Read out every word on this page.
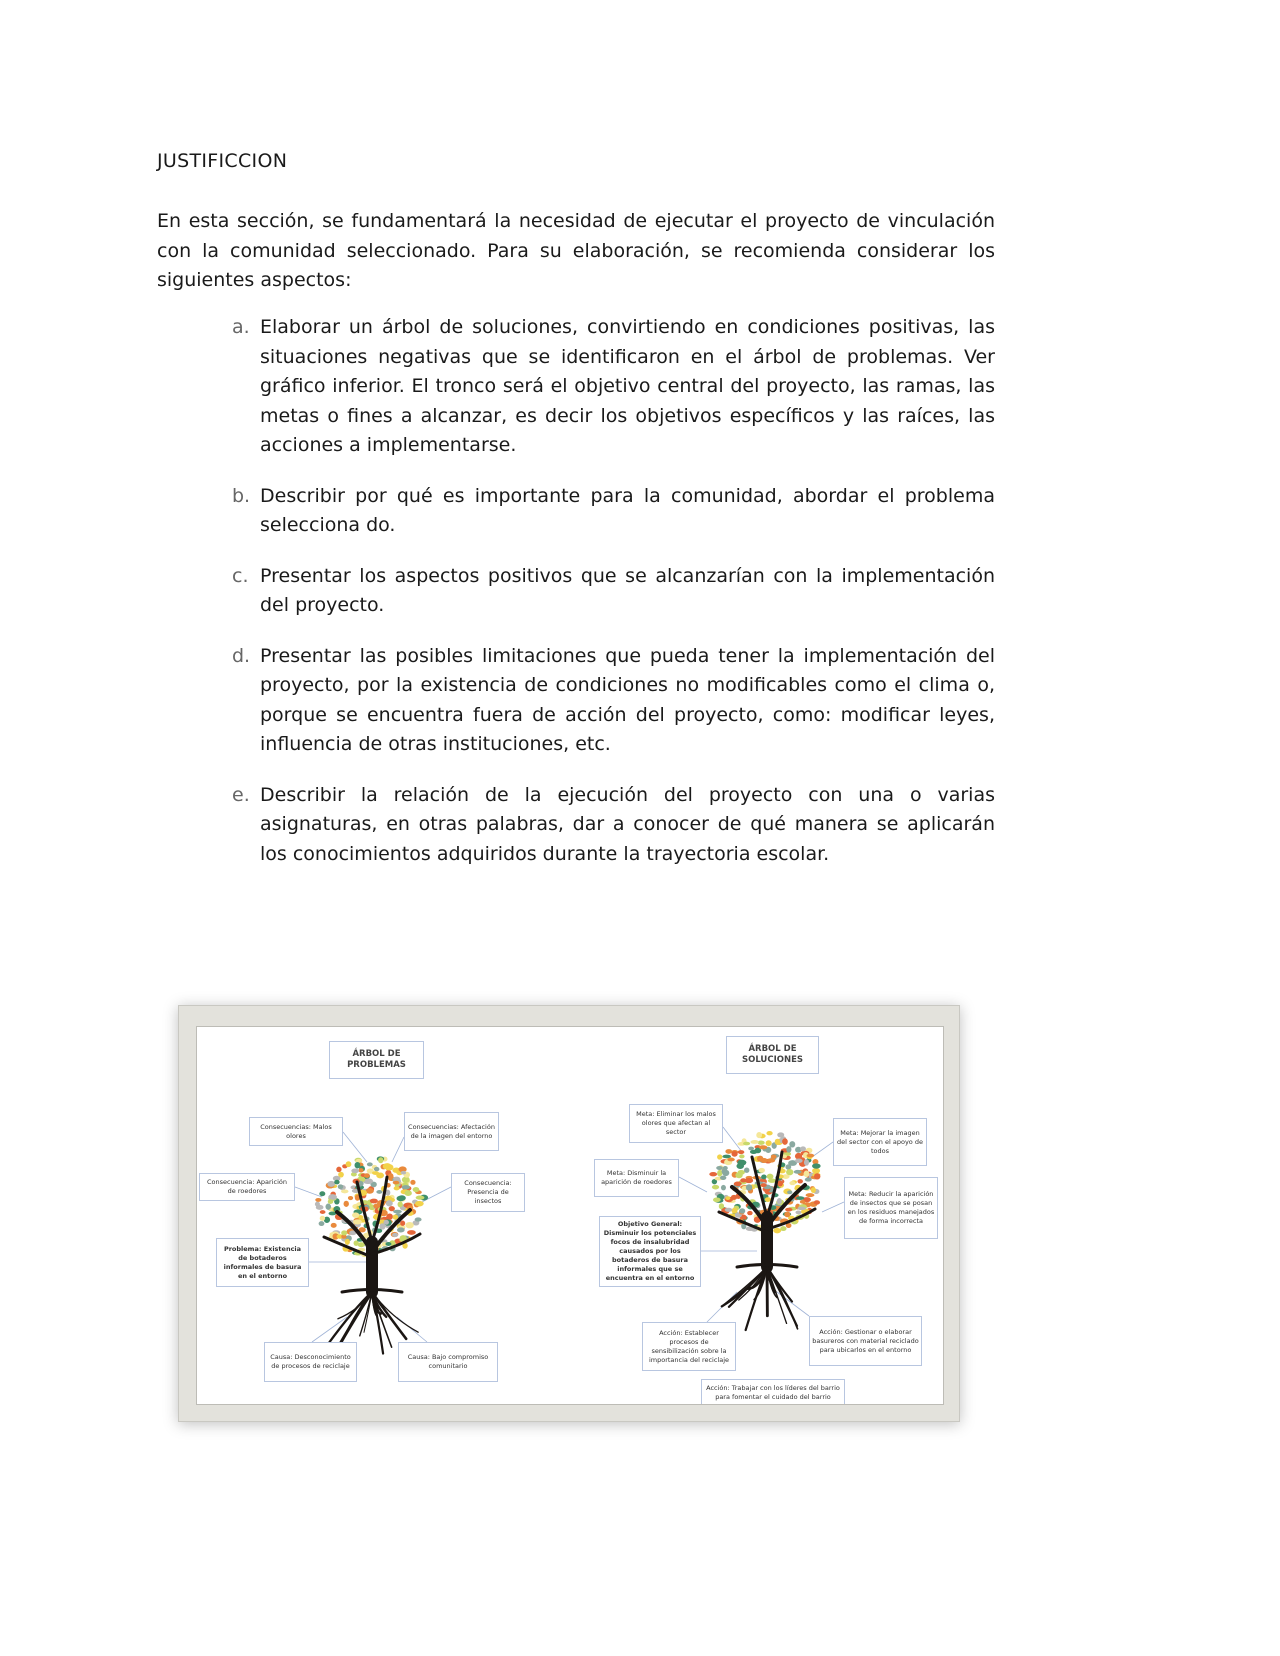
JUSTIFICCION
En esta sección, se fundamentará la necesidad de ejecutar el proyecto de vinculación con la comunidad seleccionado. Para su elaboración, se recomienda considerar los siguientes aspectos:
a. Elaborar un árbol de soluciones, convirtiendo en condiciones positivas, las situaciones negativas que se identificaron en el árbol de problemas. Ver gráfico inferior. El tronco será el objetivo central del proyecto, las ramas, las metas o fines a alcanzar, es decir los objetivos específicos y las raíces, las acciones a implementarse.
b. Describir por qué es importante para la comunidad, abordar el problema selecciona do.
c. Presentar los aspectos positivos que se alcanzarían con la implementación del proyecto.
d. Presentar las posibles limitaciones que pueda tener la implementación del proyecto, por la existencia de condiciones no modificables como el clima o, porque se encuentra fuera de acción del proyecto, como: modificar leyes, influencia de otras instituciones, etc.
e. Describir la relación de la ejecución del proyecto con una o varias asignaturas, en otras palabras, dar a conocer de qué manera se aplicarán los conocimientos adquiridos durante la trayectoria escolar.
ÁRBOL DE PROBLEMAS
Consecuencias: Malos olores
Consecuencias: Afectación de la imagen del entorno
Consecuencia: Aparición de roedores
Consecuencia: Presencia de insectos
Problema: Existencia de botaderos informales de basura en el entorno
Causa: Desconocimiento de procesos de reciclaje
Causa: Bajo compromiso comunitario
ÁRBOL DE SOLUCIONES
Meta: Eliminar los malos olores que afectan al sector	Meta: Mejorar la imagen del sector con el apoyo de todos
Meta: Disminuir la aparición de roedores
Meta: Reducir la aparición de insectos que se posan en los residuos manejados de forma incorrecta
Objetivo General: Disminuir los potenciales focos de insalubridad causados por los botaderos de basura informales que se encuentra en el entorno
Acción: Establecer procesos de sensibilización sobre la importancia del reciclaje
Acción: Gestionar o elaborar basureros con material reciclado para ubicarlos en el entorno
Acción: Trabajar con los líderes del barrio para fomentar el cuidado del barrio
